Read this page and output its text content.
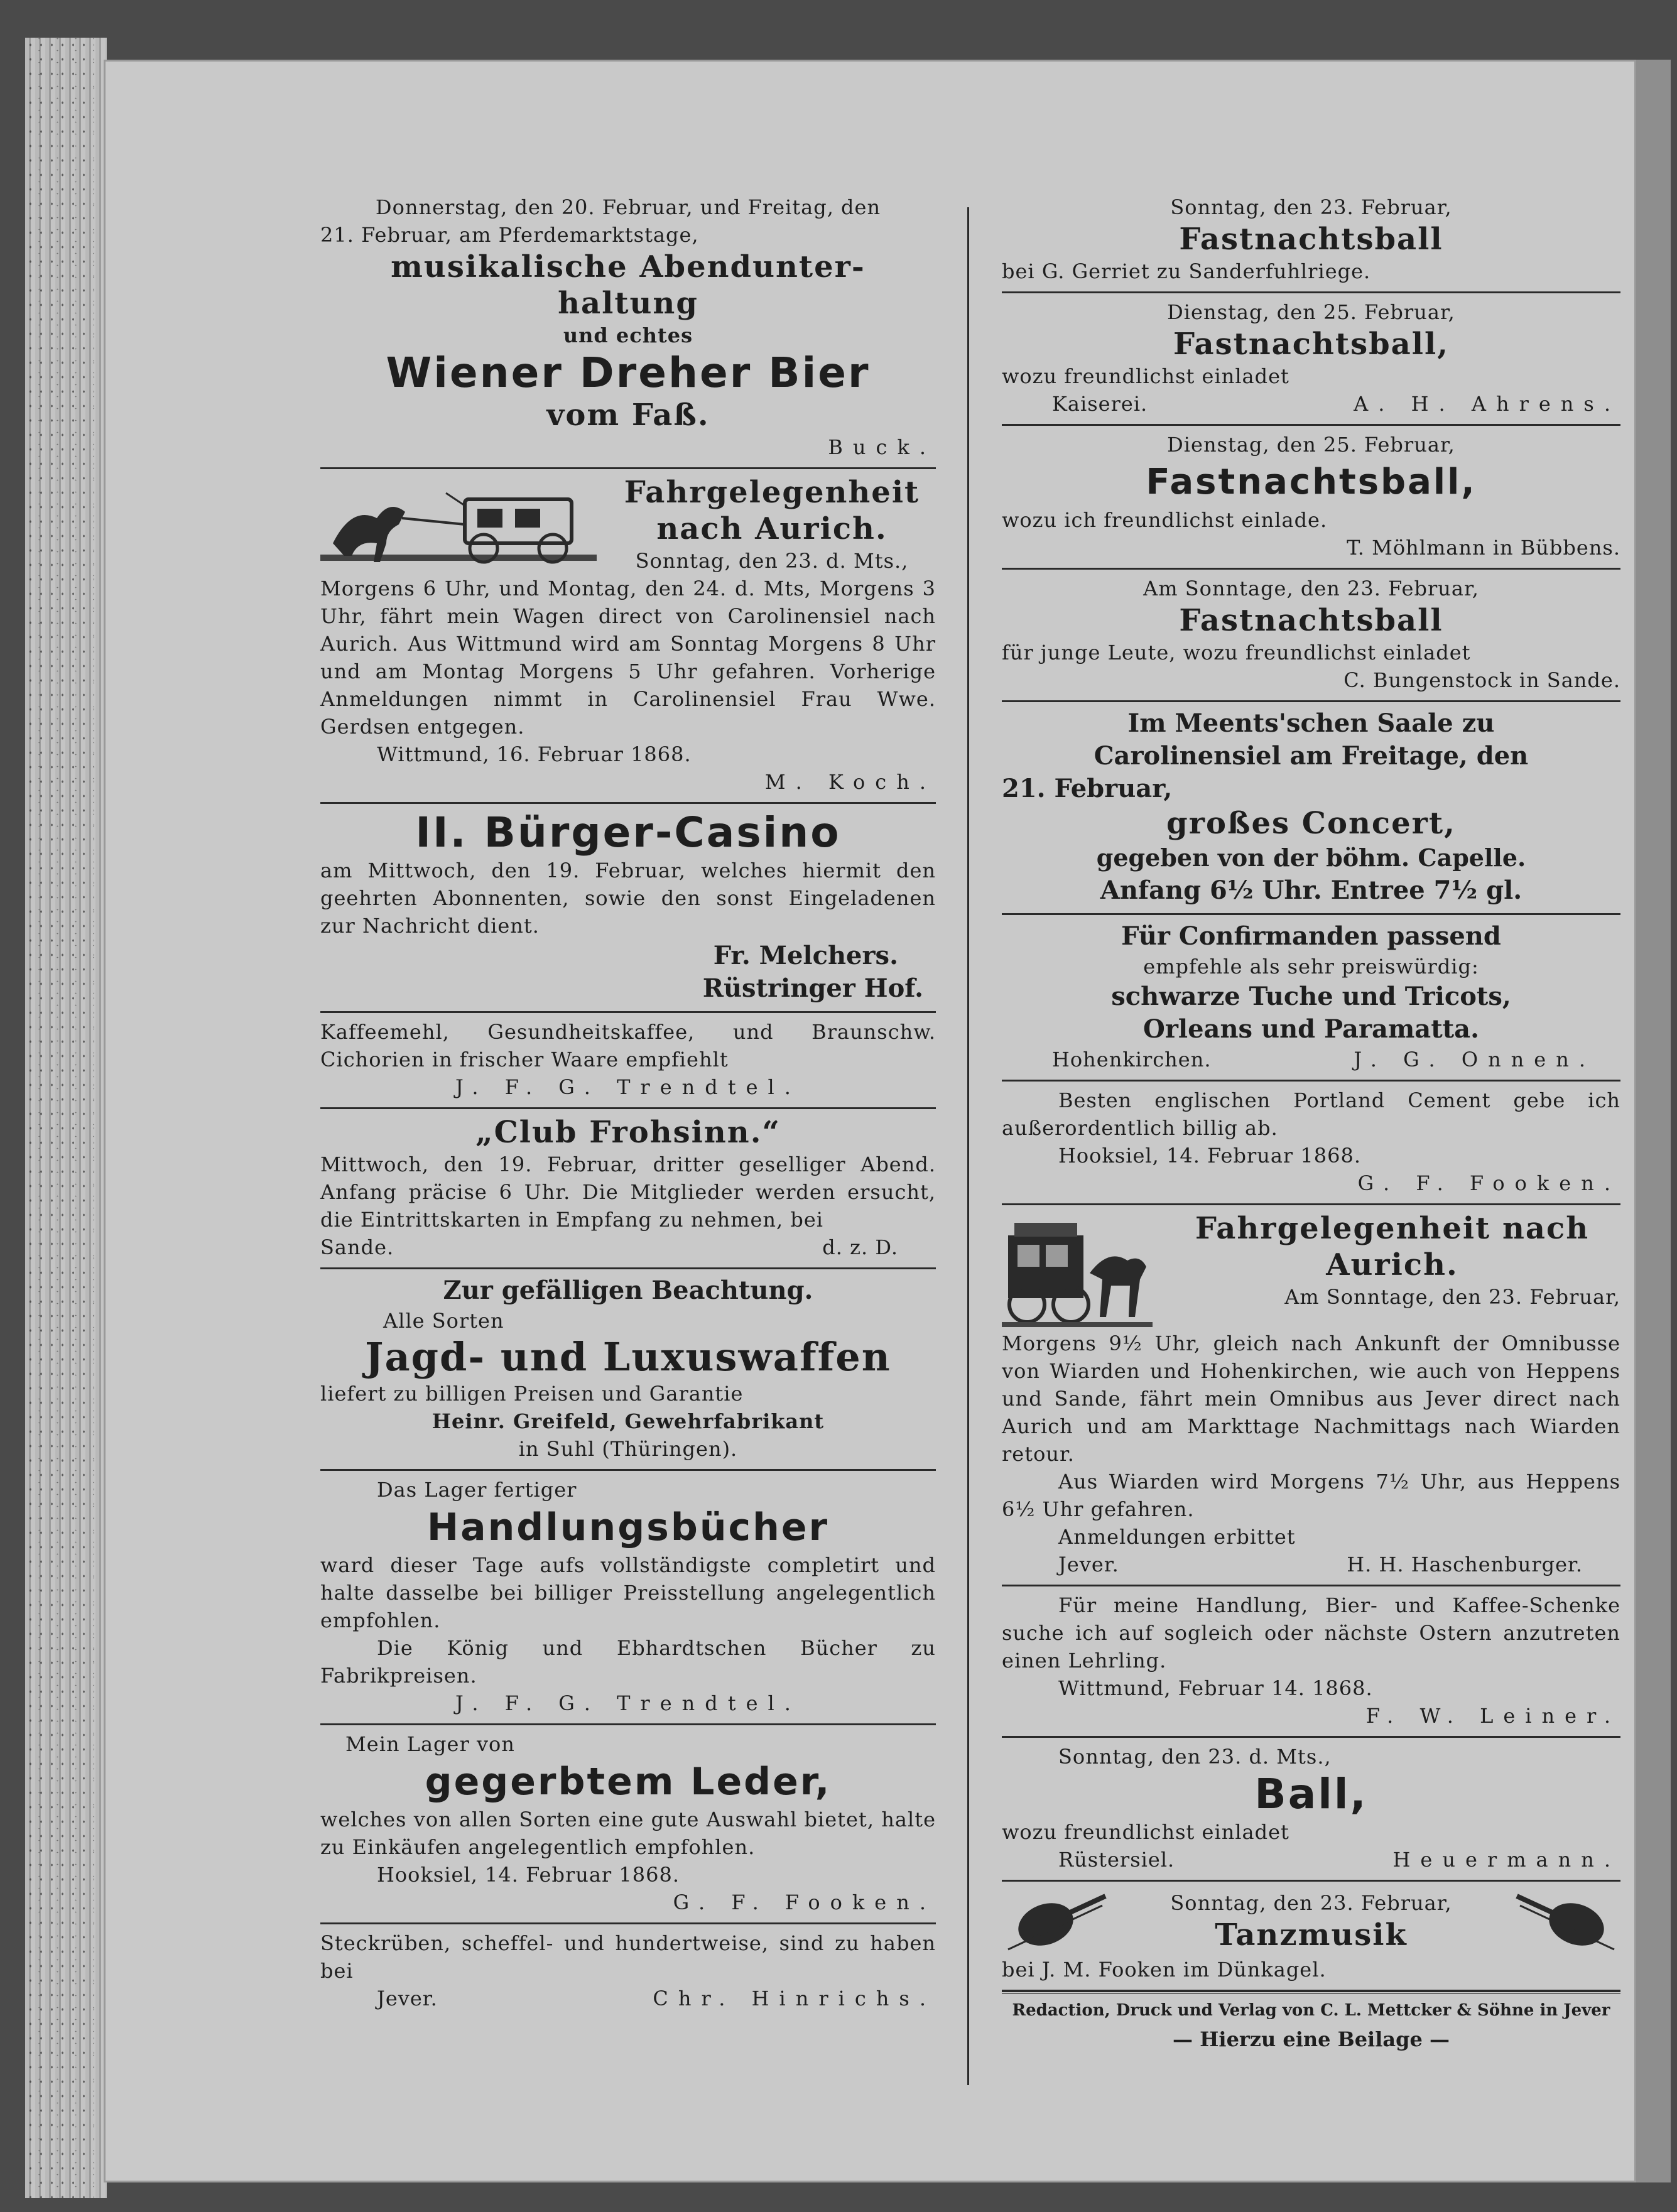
Donnerstag, den 20. Februar, und Freitag, den
21. Februar, am Pferdemarktstage,
musikalische Abendunter-
haltung
und echtes
Wiener Dreher Bier
vom Faß.
Buck.
Fahrgelegenheit
nach Aurich.
Sonntag, den 23. d. Mts.,
Morgens 6 Uhr, und Montag, den 24. d. Mts, Morgens 3 Uhr, fährt mein Wagen direct von Carolinensiel nach Aurich. Aus Wittmund wird am Sonntag Morgens 8 Uhr und am Montag Morgens 5 Uhr gefahren. Vorherige Anmeldungen nimmt in Carolinensiel Frau Wwe. Gerdsen entgegen.
Wittmund, 16. Februar 1868.
M. Koch.
II. Bürger-Casino
am Mittwoch, den 19. Februar, welches hiermit den geehrten Abonnenten, sowie den sonst Eingeladenen zur Nachricht dient.
Fr. Melchers.
Rüstringer Hof.
Kaffeemehl, Gesundheitskaffee, und Braunschw. Cichorien in frischer Waare empfiehlt
J. F. G. Trendtel.
„Club Frohsinn.“
Mittwoch, den 19. Februar, dritter geselliger Abend. Anfang präcise 6 Uhr. Die Mitglieder werden ersucht, die Eintrittskarten in Empfang zu nehmen, bei
Sande.	d. z. D.
Zur gefälligen Beachtung.
Alle Sorten
Jagd- und Luxuswaffen
liefert zu billigen Preisen und Garantie
Heinr. Greifeld, Gewehrfabrikant
in Suhl (Thüringen).
Das Lager fertiger
Handlungsbücher
ward dieser Tage aufs vollständigste completirt und halte dasselbe bei billiger Preisstellung angelegentlich empfohlen.
Die König und Ebhardtschen Bücher zu Fabrikpreisen.
J. F. G. Trendtel.
Mein Lager von
gegerbtem Leder,
welches von allen Sorten eine gute Auswahl bietet, halte zu Einkäufen angelegentlich empfohlen.
Hooksiel, 14. Februar 1868.
G. F. Fooken.
Steckrüben, scheffel- und hundertweise, sind zu haben bei
Jever.	Chr. Hinrichs.
Sonntag, den 23. Februar,
Fastnachtsball
bei G. Gerriet zu Sanderfuhlriege.
Dienstag, den 25. Februar,
Fastnachtsball,
wozu freundlichst einladet
Kaiserei.	A. H. Ahrens.
Dienstag, den 25. Februar,
Fastnachtsball,
wozu ich freundlichst einlade.
T. Möhlmann in Bübbens.
Am Sonntage, den 23. Februar,
Fastnachtsball
für junge Leute, wozu freundlichst einladet
C. Bungenstock in Sande.
Im Meents'schen Saale zu
Carolinensiel am Freitage, den
21. Februar,
großes Concert,
gegeben von der böhm. Capelle.
Anfang 6½ Uhr. Entree 7½ gl.
Für Confirmanden passend
empfehle als sehr preiswürdig:
schwarze Tuche und Tricots,
Orleans und Paramatta.
Hohenkirchen.	J. G. Onnen.
Besten englischen Portland Cement gebe ich außerordentlich billig ab.
Hooksiel, 14. Februar 1868.
G. F. Fooken.
Fahrgelegenheit nach
Aurich.
Am Sonntage, den 23. Februar,
Morgens 9½ Uhr, gleich nach Ankunft der Omnibusse von Wiarden und Hohenkirchen, wie auch von Heppens und Sande, fährt mein Omnibus aus Jever direct nach Aurich und am Markttage Nachmittags nach Wiarden retour.
Aus Wiarden wird Morgens 7½ Uhr, aus Heppens 6½ Uhr gefahren.
Anmeldungen erbittet
Jever.	H. H. Haschenburger.
Für meine Handlung, Bier- und Kaffee-Schenke suche ich auf sogleich oder nächste Ostern anzutreten einen Lehrling.
Wittmund, Februar 14. 1868.
F. W. Leiner.
Sonntag, den 23. d. Mts.,
Ball,
wozu freundlichst einladet
Rüstersiel.	Heuermann.
Sonntag, den 23. Februar,
Tanzmusik
bei J. M. Fooken im Dünkagel.
Redaction, Druck und Verlag von C. L. Mettcker & Söhne in Jever
— Hierzu eine Beilage —
